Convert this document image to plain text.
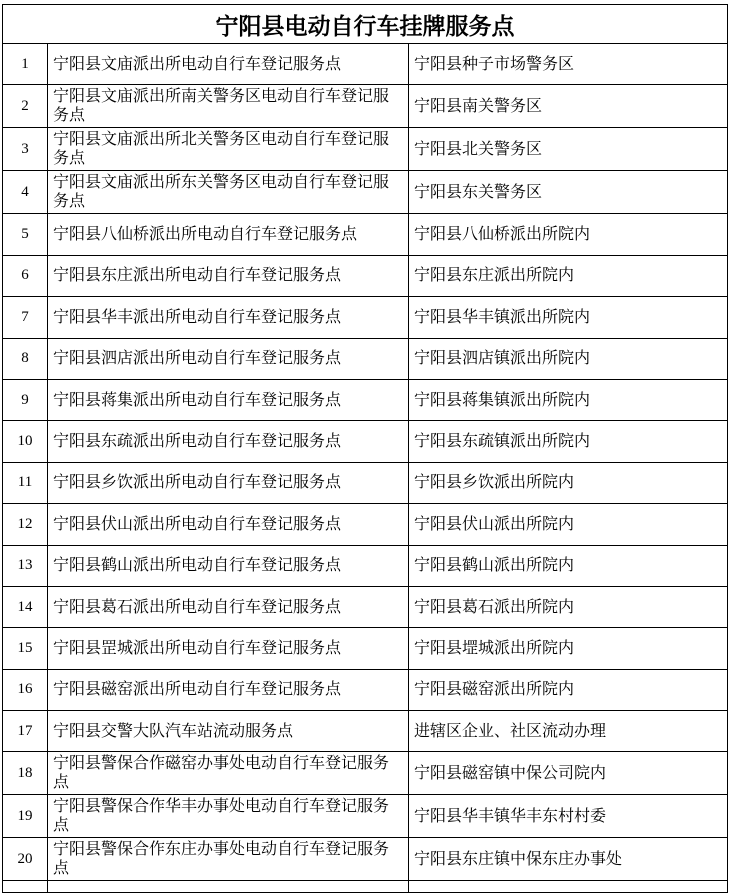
宁阳县电动自行车挂牌服务点		
1	宁阳县文庙派出所电动自行车登记服务点	宁阳县种子市场警务区
2	宁阳县文庙派出所南关警务区电动自行车登记服务点	宁阳县南关警务区
3	宁阳县文庙派出所北关警务区电动自行车登记服务点	宁阳县北关警务区
4	宁阳县文庙派出所东关警务区电动自行车登记服务点	宁阳县东关警务区
5	宁阳县八仙桥派出所电动自行车登记服务点	宁阳县八仙桥派出所院内
6	宁阳县东庄派出所电动自行车登记服务点	宁阳县东庄派出所院内
7	宁阳县华丰派出所电动自行车登记服务点	宁阳县华丰镇派出所院内
8	宁阳县泗店派出所电动自行车登记服务点	宁阳县泗店镇派出所院内
9	宁阳县蒋集派出所电动自行车登记服务点	宁阳县蒋集镇派出所院内
10	宁阳县东疏派出所电动自行车登记服务点	宁阳县东疏镇派出所院内
11	宁阳县乡饮派出所电动自行车登记服务点	宁阳县乡饮派出所院内
12	宁阳县伏山派出所电动自行车登记服务点	宁阳县伏山派出所院内
13	宁阳县鹤山派出所电动自行车登记服务点	宁阳县鹤山派出所院内
14	宁阳县葛石派出所电动自行车登记服务点	宁阳县葛石派出所院内
15	宁阳县罡城派出所电动自行车登记服务点	宁阳县堽城派出所院内
16	宁阳县磁窑派出所电动自行车登记服务点	宁阳县磁窑派出所院内
17	宁阳县交警大队汽车站流动服务点	进辖区企业、社区流动办理
18	宁阳县警保合作磁窑办事处电动自行车登记服务点	宁阳县磁窑镇中保公司院内
19	宁阳县警保合作华丰办事处电动自行车登记服务点	宁阳县华丰镇华丰东村村委
20	宁阳县警保合作东庄办事处电动自行车登记服务点	宁阳县东庄镇中保东庄办事处
